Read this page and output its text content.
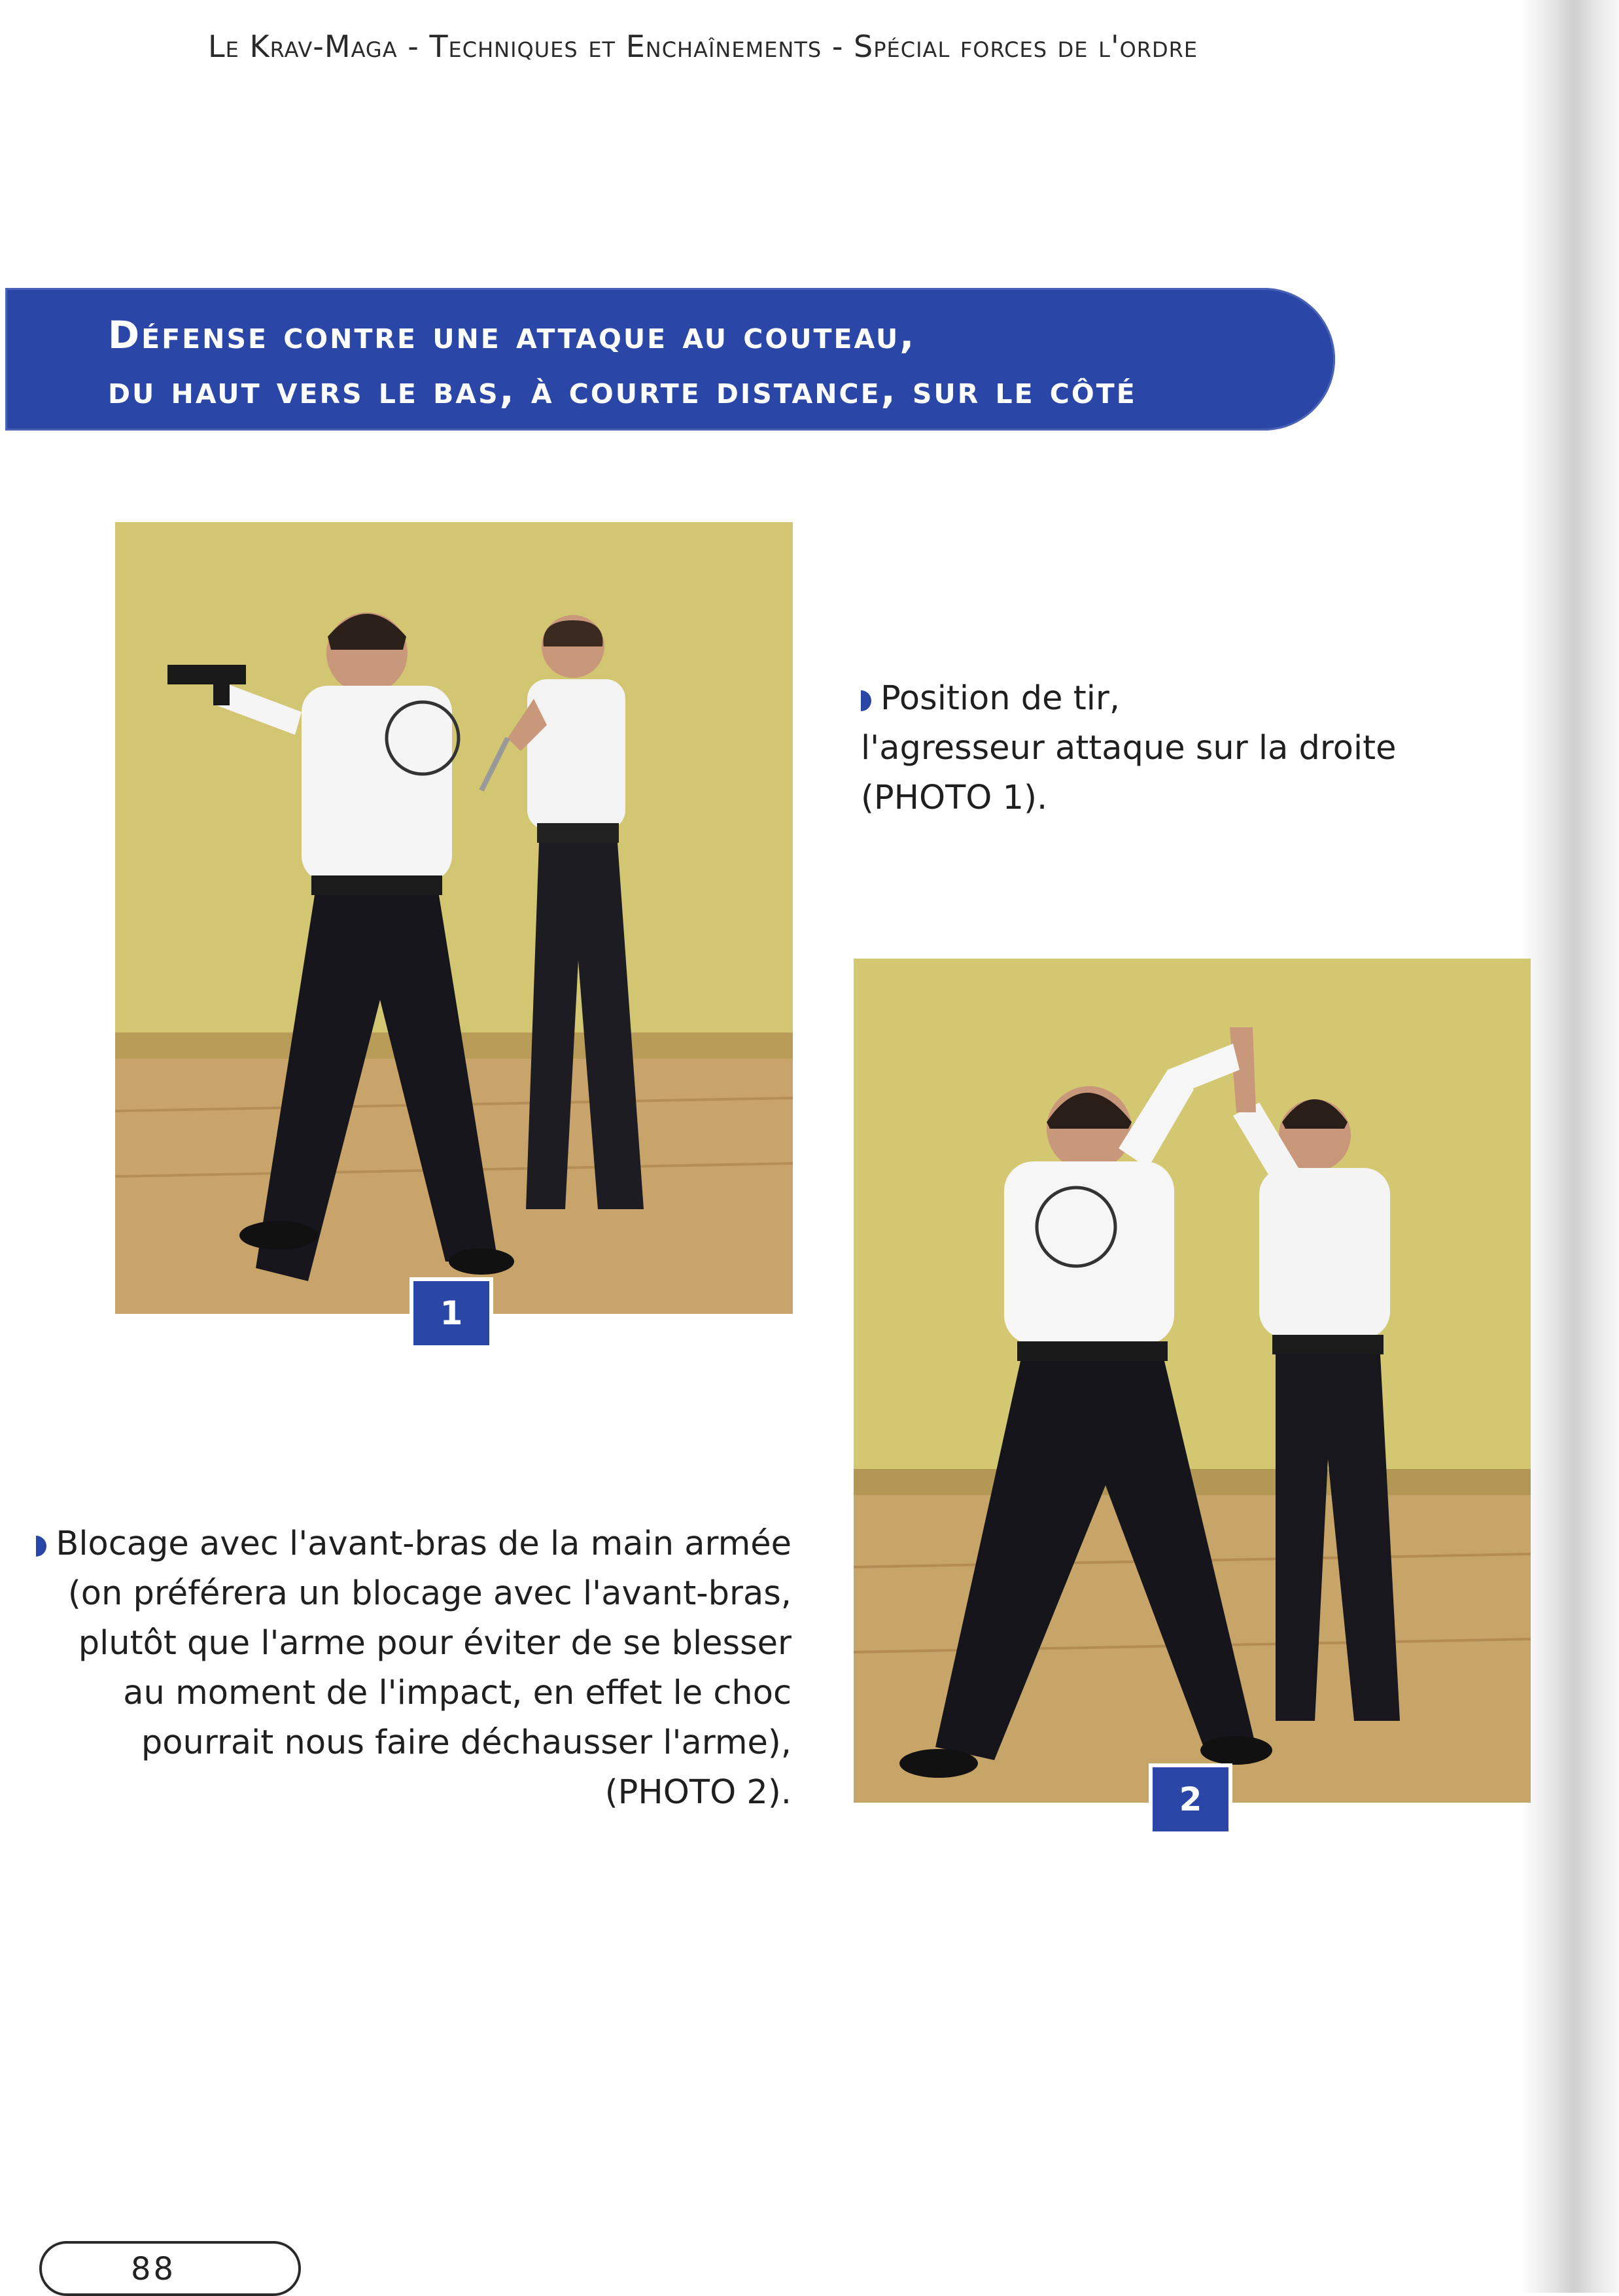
Le Krav-Maga - Techniques et Enchaînements - Spécial forces de l'ordre
Défense contre une attaque au couteau,
du haut vers le bas, à courte distance, sur le côté
1
Position de tir,
l'agresseur attaque sur la droite
(PHOTO 1).
2
Blocage avec l'avant-bras de la main armée
(on préférera un blocage avec l'avant-bras,
plutôt que l'arme pour éviter de se blesser
au moment de l'impact, en effet le choc
pourrait nous faire déchausser l'arme),
(PHOTO 2).
88
